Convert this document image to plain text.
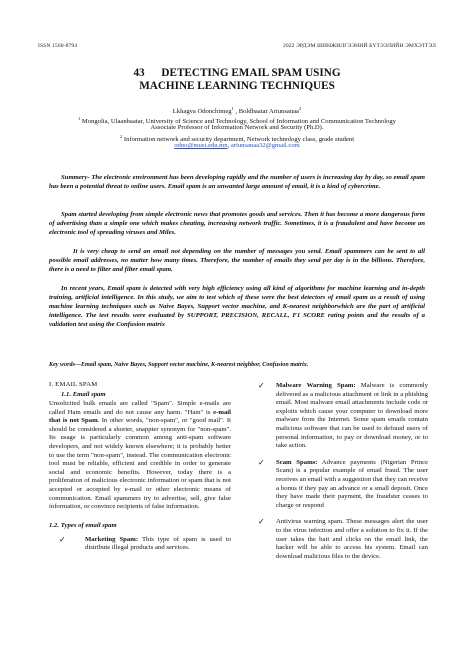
ISSN 1560-8794	2022 ЭРДЭМ ШИНЖИЛГЭЭНИЙ БҮТЭЭЛИЙН ЭМХЭТГЭЛ
43 DETECTING EMAIL SPAM USING
MACHINE LEARNING TECHNIQUES
Lkhagva Odonchimeg$^1$ , Boldbaatar Ariunsanaa$^2$
$^1$ Mongolia, Ulaanbaatar, University of Science and Technology, School of Information and Communication Technology
Associate Professor of Information Network and Security (Ph.D).
$^2$ Information network and security department, Network technology class, grade student
odno@must.edu.mn, ariunsanaa32@gmail.com
Summery- The electronic environment has been developing rapidly and the number of users is increasing day by day, so email spam has been a potential threat to online users. Email spam is an unwanted large amount of email, it is a kind of cybercrime.
Spam started developing from simple electronic news that promotes goods and services. Then it has become a more dangerous form of advertising than a simple one which makes cheating, increasing network traffic. Sometimes, it is a fraudulent and have become an electronic tool of spreading viruses and Miles.
It is very cheap to send an email not depending on the number of messages you send. Email spammers can be sent to all possible email addresses, no matter how many times. Therefore, the number of emails they send per day is in the billions. Therefore, there is a need to filter and filter email spam.
In recent years, Email spam is detected with very high efficiency using all kind of algorithms for machine learning and in-depth training, artificial intelligence. In this study, we aim to test which of these were the best detectors of email spam as a result of using machine learning techniques such as Naive Bayes, Support vector machine, and K-nearest neighborwhich are the part of artificial intelligence. The test results were evaluated by SUPPORT, PRECISION, RECALL, F1 SCORE rating points and the results of a validation test using the Confusion matrix
Key words—Email spam, Naive Bayes, Support vector machine, K-nearest neighbor, Confusion matrix.
I. EMAIL SPAM
1.1. Email spam
Unsolicited bulk emails are called "Spam". Simple e-mails are called Ham emails and do not cause any harm. "Ham" is e-mail that is not Spam. In other words, "non-spam", or "good mail". It should be considered a shorter, snappier synonym for "non-spam". Its usage is particularly common among anti-spam software developers, and not widely known elsewhere; it is probably better to use the term "non-spam", instead. The communication electronic tool must be reliable, efficient and credible in order to generate social and economic benefits. However, today there is a proliferation of malicious electronic information or spam that is not accepted or accepted by e-mail or other electronic means of communication. Email spammers try to advertise, sell, give false information, or convince recipients of false information.
1.2. Types of email spam
✓	Marketing Spam: This type of spam is used to distribute illegal products and services.
✓	Malware Warning Spam: Malware is commonly delivered as a malicious attachment or link in a phishing email. Most malware email attachments include code or exploits which cause your computer to download more malware from the Internet. Some spam emails contain malicious software that can be used to defraud users of personal information, to pay or download money, or to take action.
✓	Scam Spams: Advance payments (Nigerian Prince Scam) is a popular example of email fraud. The user receives an email with a suggestion that they can receive a bonus if they pay an advance or a small deposit. Once they have made their payment, the fraudster ceases to charge or respond
✓	Antivirus warning spam. These messages alert the user to the virus infection and offer a solution to fix it. If the user takes the bait and clicks on the email link, the hacker will be able to access his system. Email can download malicious files to the device.
